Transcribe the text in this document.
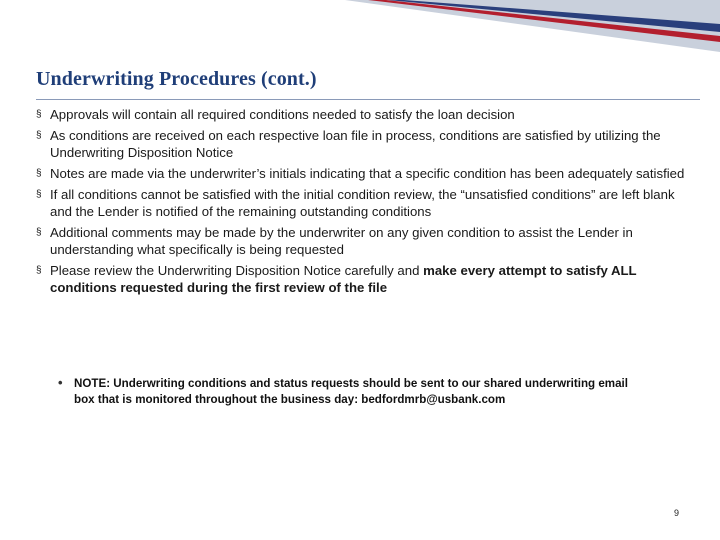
Underwriting Procedures (cont.)
§ Approvals will contain all required conditions needed to satisfy the loan decision
§ As conditions are received on each respective loan file in process, conditions are satisfied by utilizing the Underwriting Disposition Notice
§ Notes are made via the underwriter’s initials indicating that a specific condition has been adequately satisfied
§ If all conditions cannot be satisfied with the initial condition review, the “unsatisfied conditions” are left blank and the Lender is notified of the remaining outstanding conditions
§ Additional comments may be made by the underwriter on any given condition to assist the Lender in understanding what specifically is being requested
§ Please review the Underwriting Disposition Notice carefully and make every attempt to satisfy ALL conditions requested during the first review of the file
• NOTE: Underwriting conditions and status requests should be sent to our shared underwriting email box that is monitored throughout the business day: bedfordmrb@usbank.com
9
